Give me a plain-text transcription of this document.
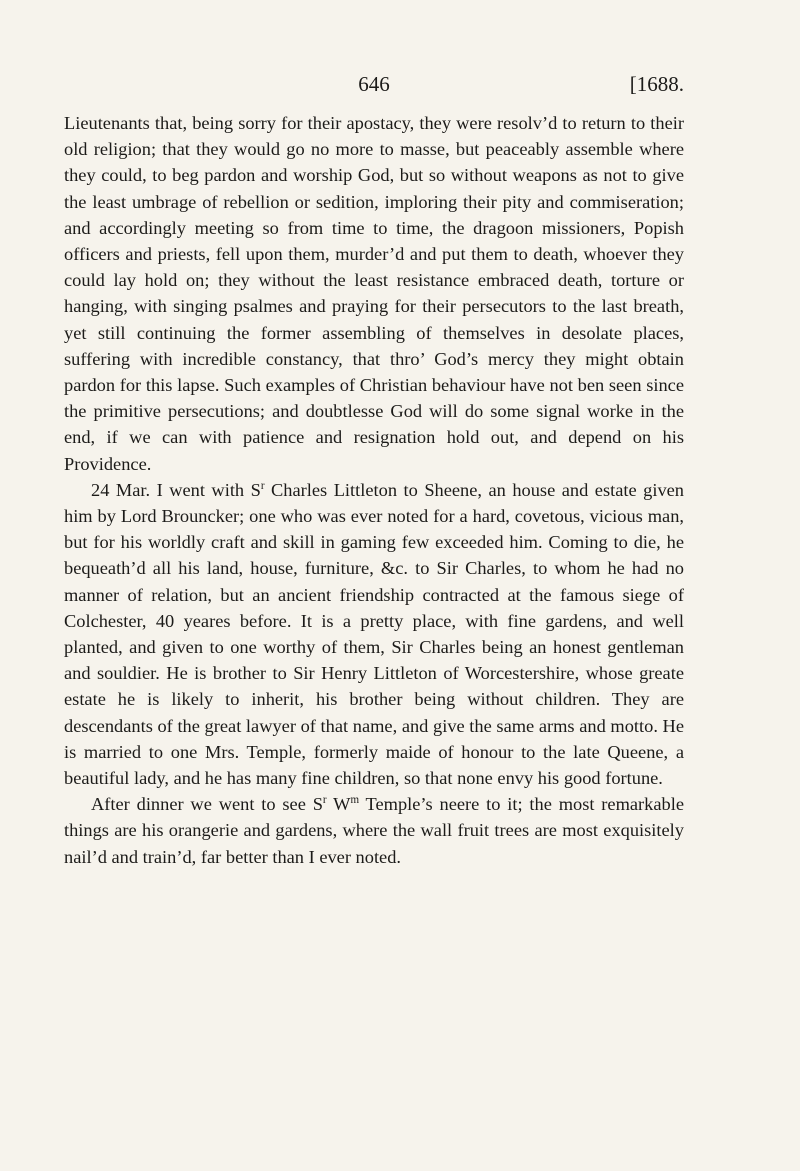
646	[1688.

Lieutenants that, being sorry for their apostacy, they were resolv’d to return to their old religion; that they would go no more to masse, but peaceably assemble where they could, to beg pardon and worship God, but so without weapons as not to give the least umbrage of rebellion or sedition, imploring their pity and commiseration; and accordingly meeting so from time to time, the dragoon missioners, Popish officers and priests, fell upon them, murder’d and put them to death, whoever they could lay hold on; they without the least resistance embraced death, torture or hanging, with singing psalmes and praying for their persecutors to the last breath, yet still continuing the former assembling of themselves in desolate places, suffering with incredible constancy, that thro’ God’s mercy they might obtain pardon for this lapse. Such examples of Christian behaviour have not ben seen since the primitive persecutions; and doubtlesse God will do some signal worke in the end, if we can with patience and resignation hold out, and depend on his Providence.

24 Mar. I went with $S^r$ Charles Littleton to Sheene, an house and estate given him by Lord Brouncker; one who was ever noted for a hard, covetous, vicious man, but for his worldly craft and skill in gaming few exceeded him. Coming to die, he bequeath’d all his land, house, furniture, &c. to Sir Charles, to whom he had no manner of relation, but an ancient friendship contracted at the famous siege of Colchester, 40 yeares before. It is a pretty place, with fine gardens, and well planted, and given to one worthy of them, Sir Charles being an honest gentleman and souldier. He is brother to Sir Henry Littleton of Worcestershire, whose greate estate he is likely to inherit, his brother being without children. They are descendants of the great lawyer of that name, and give the same arms and motto. He is married to one Mrs. Temple, formerly maide of honour to the late Queene, a beautiful lady, and he has many fine children, so that none envy his good fortune.

After dinner we went to see $S^r$ $W^m$ Temple’s neere to it; the most remarkable things are his orangerie and gardens, where the wall fruit trees are most exquisitely nail’d and train’d, far better than I ever noted.
